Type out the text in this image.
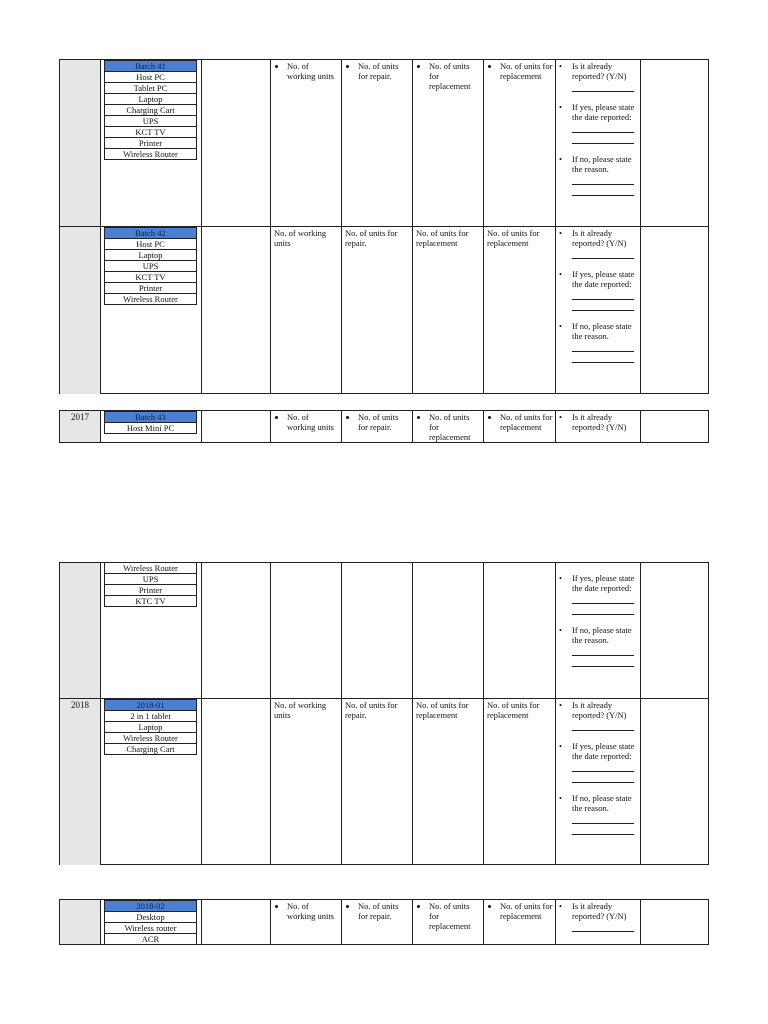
Batch 41
Host PC
Tablet PC
Laptop
Charging Cart
UPS
KCT TV
Printer
Wireless Router
• No. of working units
• No. of units for repair.
• No. of units for replacement
• No. of units for replacement
• Is it already reported? (Y/N)
• If yes, please state the date reported:
• If no, please state the reason.
Batch 42
Host PC
Laptop
UPS
KCT TV
Printer
Wireless Router
No. of working units
No. of units for repair.
No. of units for replacement
No. of units for replacement
• Is it already reported? (Y/N)
• If yes, please state the date reported:
• If no, please state the reason.
2017	Batch 43
Host Mini PC
• No. of working units
• No. of units for repair.
• No. of units for replacement
• No. of units for replacement
• Is it already reported? (Y/N)
Wireless Router
UPS
Printer
KTC TV
• If yes, please state the date reported:
• If no, please state the reason.
2018	2018-01
2 in 1 tablet
Laptop
Wireless Router
Charging Cart
No. of working units
No. of units for repair.
No. of units for replacement
No. of units for replacement
• Is it already reported? (Y/N)
• If yes, please state the date reported:
• If no, please state the reason.
2018-02
Desktop
Wireless router
ACR
• No. of working units
• No. of units for repair.
• No. of units for replacement
• No. of units for replacement
• Is it already reported? (Y/N)
